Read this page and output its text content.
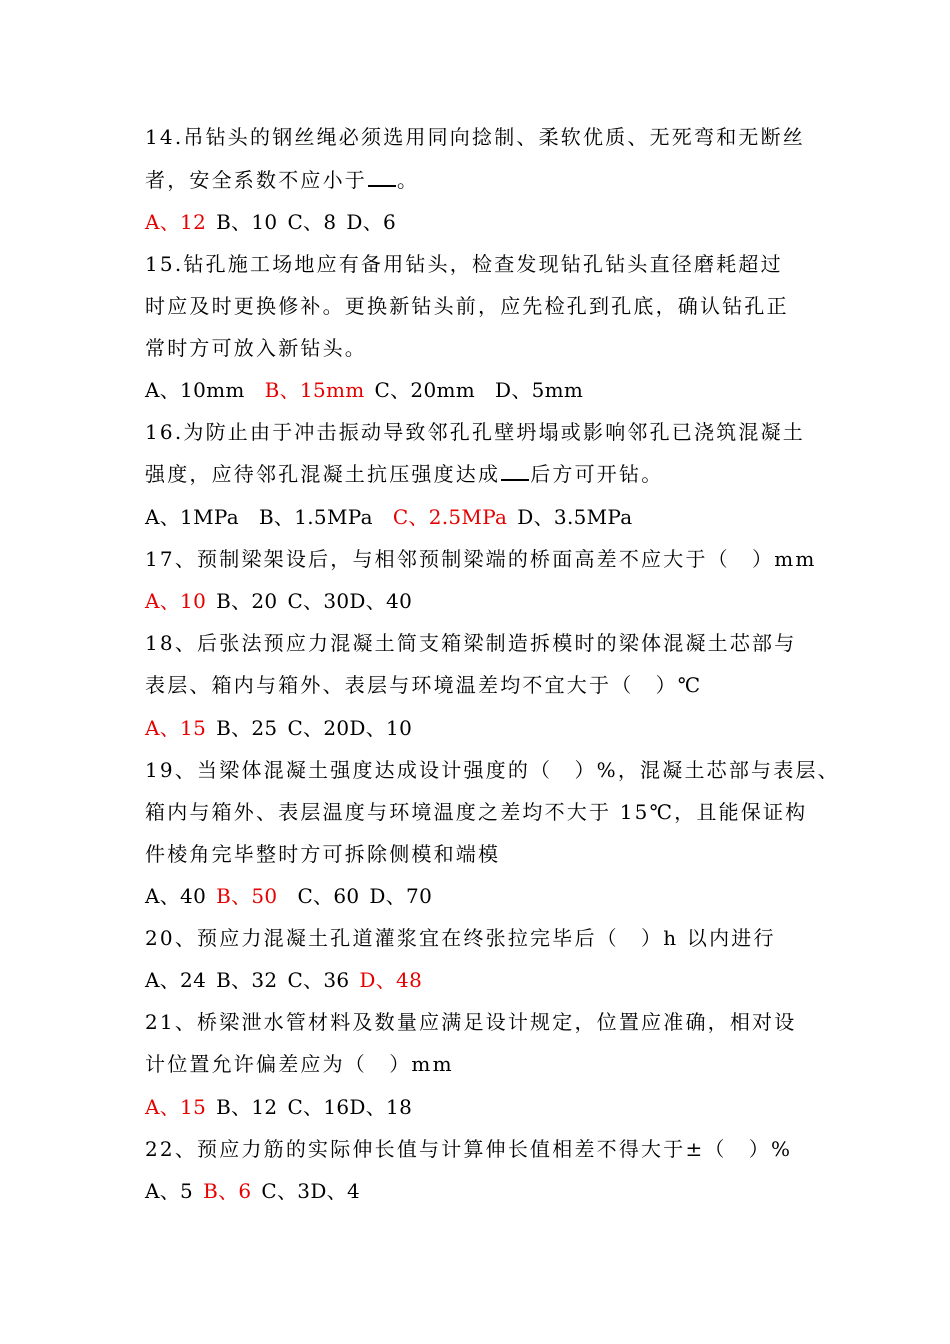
14.吊钻头的钢丝绳必须选用同向捻制、柔软优质、无死弯和无断丝
者，安全系数不应小于 。
A、12 B、10 C、8 D、6
15.钻孔施工场地应有备用钻头，检查发现钻孔钻头直径磨耗超过
时应及时更换修补。更换新钻头前，应先检孔到孔底，确认钻孔正
常时方可放入新钻头。
A、10mm B、15mm C、20mm D、5mm
16.为防止由于冲击振动导致邻孔孔壁坍塌或影响邻孔已浇筑混凝土
强度，应待邻孔混凝土抗压强度达成 后方可开钻。
A、1MPa B、1.5MPa C、2.5MPa D、3.5MPa
17、预制梁架设后，与相邻预制梁端的桥面高差不应大于（　）mm
A、10 B、20 C、30D、40
18、后张法预应力混凝土简支箱梁制造拆模时的梁体混凝土芯部与
表层、箱内与箱外、表层与环境温差均不宜大于（　）℃
A、15 B、25 C、20D、10
19、当梁体混凝土强度达成设计强度的（　）%，混凝土芯部与表层、
箱内与箱外、表层温度与环境温度之差均不大于 15℃，且能保证构
件棱角完毕整时方可拆除侧模和端模
A、40 B、50 C、60 D、70
20、预应力混凝土孔道灌浆宜在终张拉完毕后（　）h 以内进行
A、24 B、32 C、36 D、48
21、桥梁泄水管材料及数量应满足设计规定，位置应准确，相对设
计位置允许偏差应为（　）mm
A、15 B、12 C、16D、18
22、预应力筋的实际伸长值与计算伸长值相差不得大于±（　）%
A、5 B、6 C、3D、4
